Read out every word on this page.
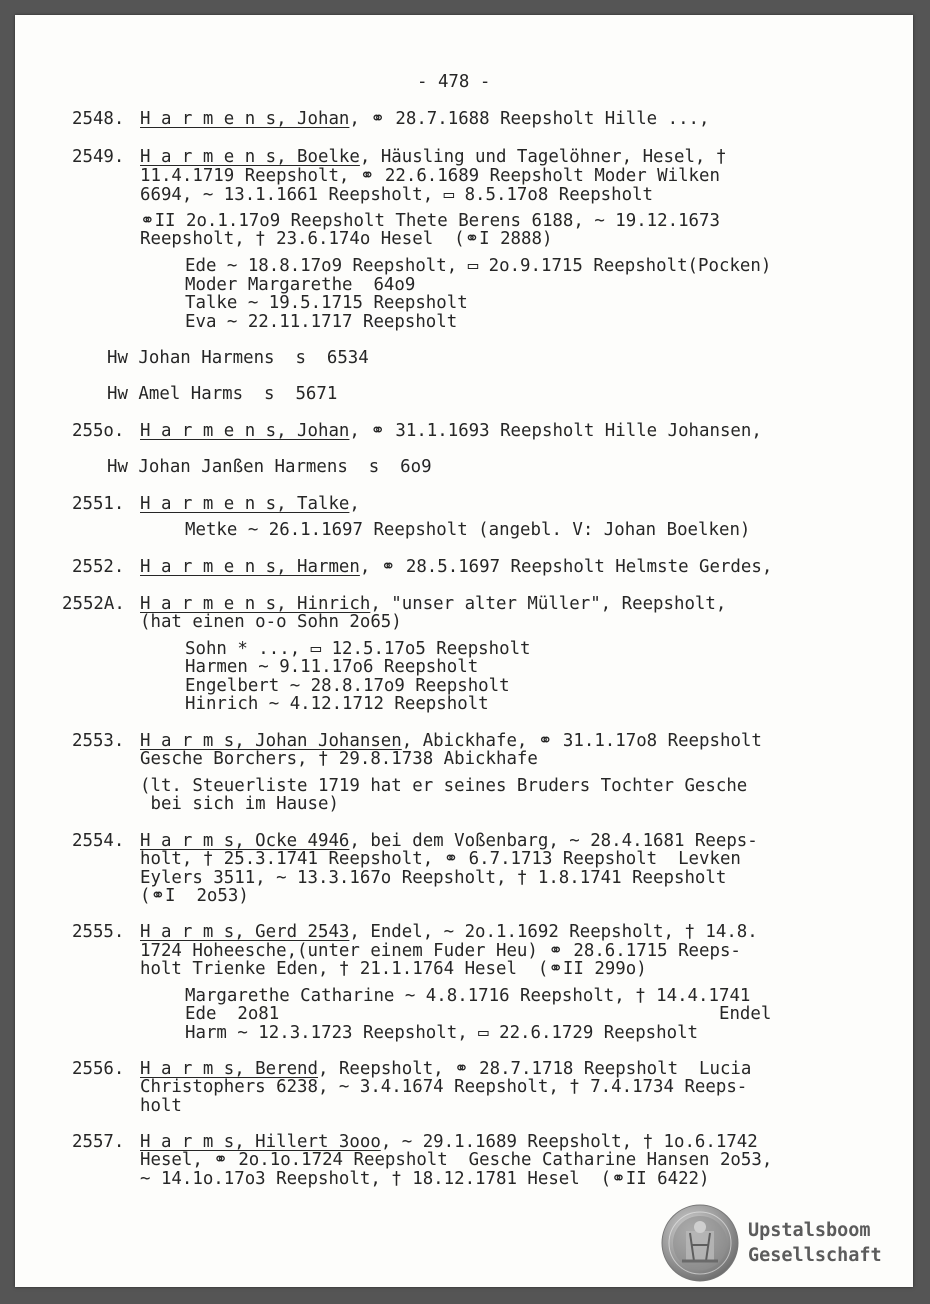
- 478 -
2548. H a r m e n s, Johan, ⚭ 28.7.1688 Reepsholt Hille ...,
2549. H a r m e n s, Boelke, Häusling und Tagelöhner, Hesel, †
11.4.1719 Reepsholt, ⚭ 22.6.1689 Reepsholt Moder Wilken
6694, ~ 13.1.1661 Reepsholt, ▭ 8.5.17o8 Reepsholt
⚭II 2o.1.17o9 Reepsholt Thete Berens 6188, ~ 19.12.1673
Reepsholt, † 23.6.174o Hesel  (⚭I 2888)
Ede ~ 18.8.17o9 Reepsholt, ▭ 2o.9.1715 Reepsholt(Pocken)
Moder Margarethe  64o9
Talke ~ 19.5.1715 Reepsholt
Eva ~ 22.11.1717 Reepsholt
Hw Johan Harmens  s  6534
Hw Amel Harms  s  5671
255o. H a r m e n s, Johan, ⚭ 31.1.1693 Reepsholt Hille Johansen,
Hw Johan Janßen Harmens  s  6o9
2551. H a r m e n s, Talke,
Metke ~ 26.1.1697 Reepsholt (angebl. V: Johan Boelken)
2552. H a r m e n s, Harmen, ⚭ 28.5.1697 Reepsholt Helmste Gerdes,
2552A. H a r m e n s, Hinrich, "unser alter Müller", Reepsholt,
(hat einen o-o Sohn 2o65)
Sohn * ..., ▭ 12.5.17o5 Reepsholt
Harmen ~ 9.11.17o6 Reepsholt
Engelbert ~ 28.8.17o9 Reepsholt
Hinrich ~ 4.12.1712 Reepsholt
2553. H a r m s, Johan Johansen, Abickhafe, ⚭ 31.1.17o8 Reepsholt
Gesche Borchers, † 29.8.1738 Abickhafe
(lt. Steuerliste 1719 hat er seines Bruders Tochter Gesche
bei sich im Hause)
2554. H a r m s, Ocke 4946, bei dem Voßenbarg, ~ 28.4.1681 Reeps-
holt, † 25.3.1741 Reepsholt, ⚭ 6.7.1713 Reepsholt  Levken
Eylers 3511, ~ 13.3.167o Reepsholt, † 1.8.1741 Reepsholt
(⚭I  2o53)
2555. H a r m s, Gerd 2543, Endel, ~ 2o.1.1692 Reepsholt, † 14.8.
1724 Hoheesche,(unter einem Fuder Heu) ⚭ 28.6.1715 Reeps-
holt Trienke Eden, † 21.1.1764 Hesel  (⚭II 299o)
Margarethe Catharine ~ 4.8.1716 Reepsholt, † 14.4.1741
Ede  2o81                                          Endel
Harm ~ 12.3.1723 Reepsholt, ▭ 22.6.1729 Reepsholt
2556. H a r m s, Berend, Reepsholt, ⚭ 28.7.1718 Reepsholt  Lucia
Christophers 6238, ~ 3.4.1674 Reepsholt, † 7.4.1734 Reeps-
holt
2557. H a r m s, Hillert 3ooo, ~ 29.1.1689 Reepsholt, † 1o.6.1742
Hesel, ⚭ 2o.1o.1724 Reepsholt  Gesche Catharine Hansen 2o53,
~ 14.1o.17o3 Reepsholt, † 18.12.1781 Hesel  (⚭II 6422)
Upstalsboom
Gesellschaft
